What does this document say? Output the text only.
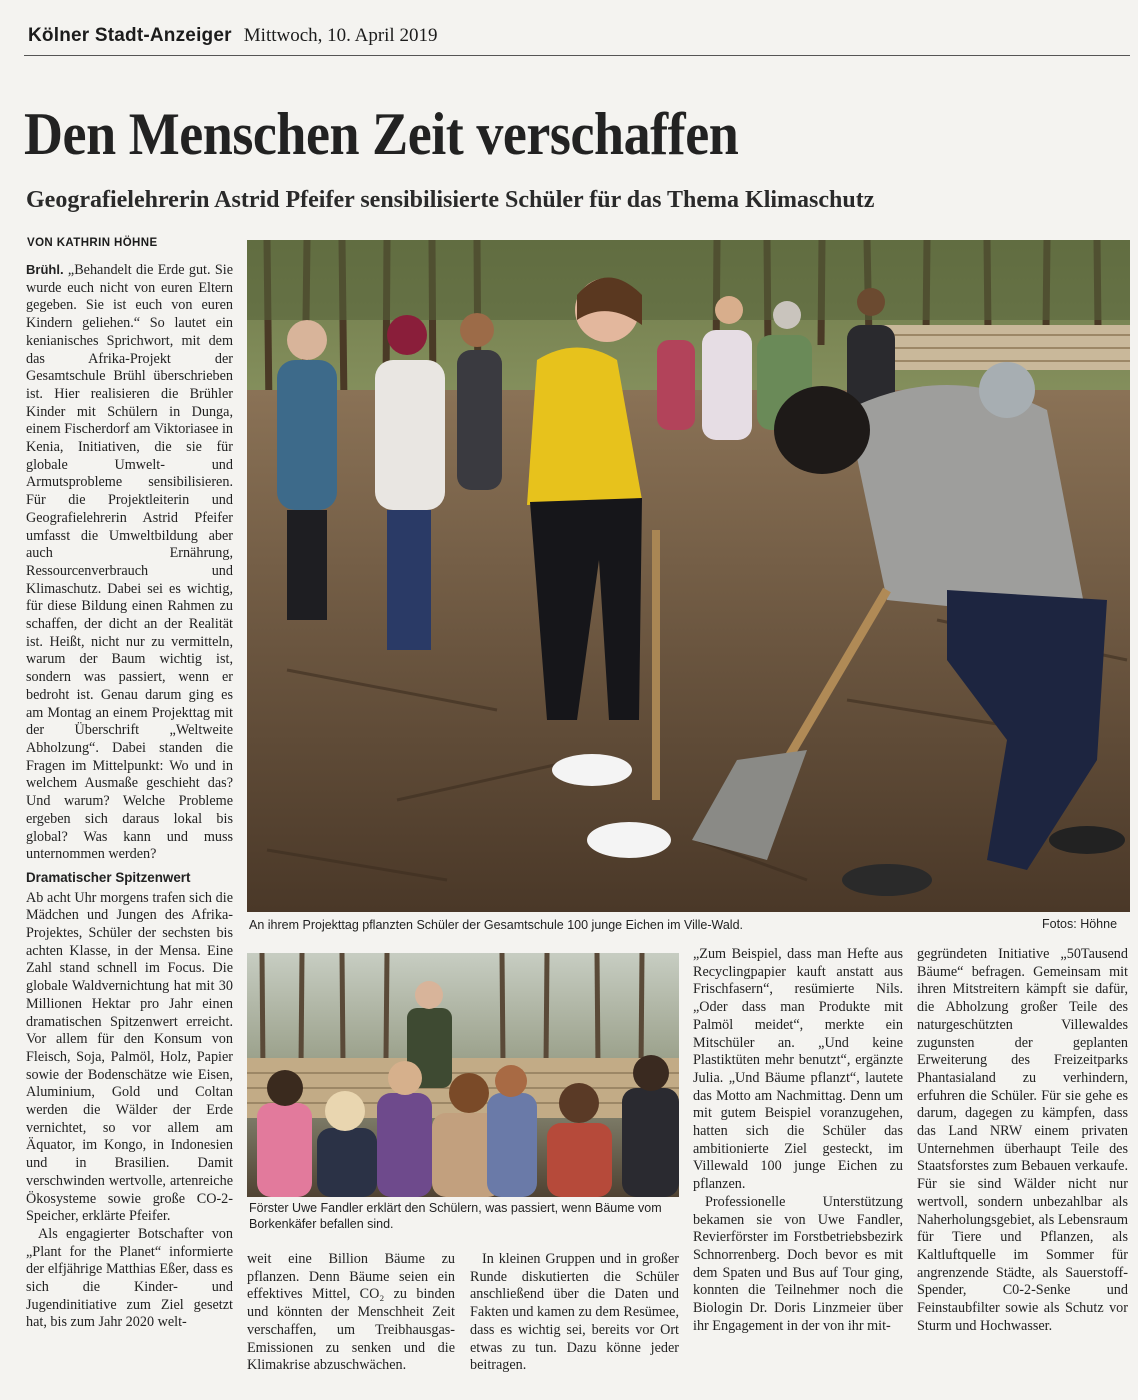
Kölner Stadt-Anzeiger Mittwoch, 10. April 2019
Den Menschen Zeit verschaffen
Geografielehrerin Astrid Pfeifer sensibilisierte Schüler für das Thema Klimaschutz
VON KATHRIN HÖHNE

Brühl. „Behandelt die Erde gut. Sie wurde euch nicht von euren Eltern gegeben. Sie ist euch von euren Kindern geliehen.“ So lautet ein kenianisches Sprichwort, mit dem das Afrika-Projekt der Gesamtschule Brühl überschrieben ist. Hier realisieren die Brühler Kinder mit Schülern in Dunga, einem Fischerdorf am Viktoriasee in Kenia, Initiativen, die sie für globale Umwelt- und Armutsprobleme sensibilisieren. Für die Projektleiterin und Geografielehrerin Astrid Pfeifer umfasst die Umweltbildung aber auch Ernährung, Ressourcenverbrauch und Klimaschutz. Dabei sei es wichtig, für diese Bildung einen Rahmen zu schaffen, der dicht an der Realität ist. Heißt, nicht nur zu vermitteln, warum der Baum wichtig ist, sondern was passiert, wenn er bedroht ist. Genau darum ging es am Montag an einem Projekttag mit der Überschrift „Weltweite Abholzung“. Dabei standen die Fragen im Mittelpunkt: Wo und in welchem Ausmaße geschieht das? Und warum? Welche Probleme ergeben sich daraus lokal bis global? Was kann und muss unternommen werden?

Dramatischer Spitzenwert

Ab acht Uhr morgens trafen sich die Mädchen und Jungen des Afrika-Projektes, Schüler der sechsten bis achten Klasse, in der Mensa. Eine Zahl stand schnell im Focus. Die globale Waldvernichtung hat mit 30 Millionen Hektar pro Jahr einen dramatischen Spitzenwert erreicht. Vor allem für den Konsum von Fleisch, Soja, Palmöl, Holz, Papier sowie der Bodenschätze wie Eisen, Aluminium, Gold und Coltan werden die Wälder der Erde vernichtet, so vor allem am Äquator, im Kongo, in Indonesien und in Brasilien. Damit verschwinden wertvolle, artenreiche Ökosysteme sowie große CO-2-Speicher, erklärte Pfeifer.

Als engagierter Botschafter von „Plant for the Planet“ informierte der elfjährige Matthias Eßer, dass es sich die Kinder- und Jugendinitiative zum Ziel gesetzt hat, bis zum Jahr 2020 welt-

An ihrem Projekttag pflanzten Schüler der Gesamtschule 100 junge Eichen im Ville-Wald.	Fotos: Höhne
Förster Uwe Fandler erklärt den Schülern, was passiert, wenn Bäume vom Borkenkäfer befallen sind.

weit eine Billion Bäume zu pflanzen. Denn Bäume seien ein effektives Mittel, CO₂ zu binden und könnten der Menschheit Zeit verschaffen, um Treibhausgas-Emissionen zu senken und die Klimakrise abzuschwächen.

In kleinen Gruppen und in großer Runde diskutierten die Schüler anschließend über die Daten und Fakten und kamen zu dem Resümee, dass es wichtig sei, bereits vor Ort etwas zu tun. Dazu könne jeder beitragen.

„Zum Beispiel, dass man Hefte aus Recyclingpapier kauft anstatt aus Frischfasern“, resümierte Nils. „Oder dass man Produkte mit Palmöl meidet“, merkte ein Mitschüler an. „Und keine Plastiktüten mehr benutzt“, ergänzte Julia. „Und Bäume pflanzt“, lautete das Motto am Nachmittag. Denn um mit gutem Beispiel voranzugehen, hatten sich die Schüler das ambitionierte Ziel gesteckt, im Villewald 100 junge Eichen zu pflanzen.

Professionelle Unterstützung bekamen sie von Uwe Fandler, Revierförster im Forstbetriebsbezirk Schnorrenberg. Doch bevor es mit dem Spaten und Bus auf Tour ging, konnten die Teilnehmer noch die Biologin Dr. Doris Linzmeier über ihr Engagement in der von ihr mit-

gegründeten Initiative „50Tausend Bäume“ befragen. Gemeinsam mit ihren Mitstreitern kämpft sie dafür, die Abholzung großer Teile des naturgeschützten Villewaldes zugunsten der geplanten Erweiterung des Freizeitparks Phantasialand zu verhindern, erfuhren die Schüler. Für sie gehe es darum, dagegen zu kämpfen, dass das Land NRW einem privaten Unternehmen überhaupt Teile des Staatsforstes zum Bebauen verkaufe. Für sie sind Wälder nicht nur wertvoll, sondern unbezahlbar als Naherholungsgebiet, als Lebensraum für Tiere und Pflanzen, als Kaltluftquelle im Sommer für angrenzende Städte, als Sauerstoff-Spender, C0-2-Senke und Feinstaubfilter sowie als Schutz vor Sturm und Hochwasser.
